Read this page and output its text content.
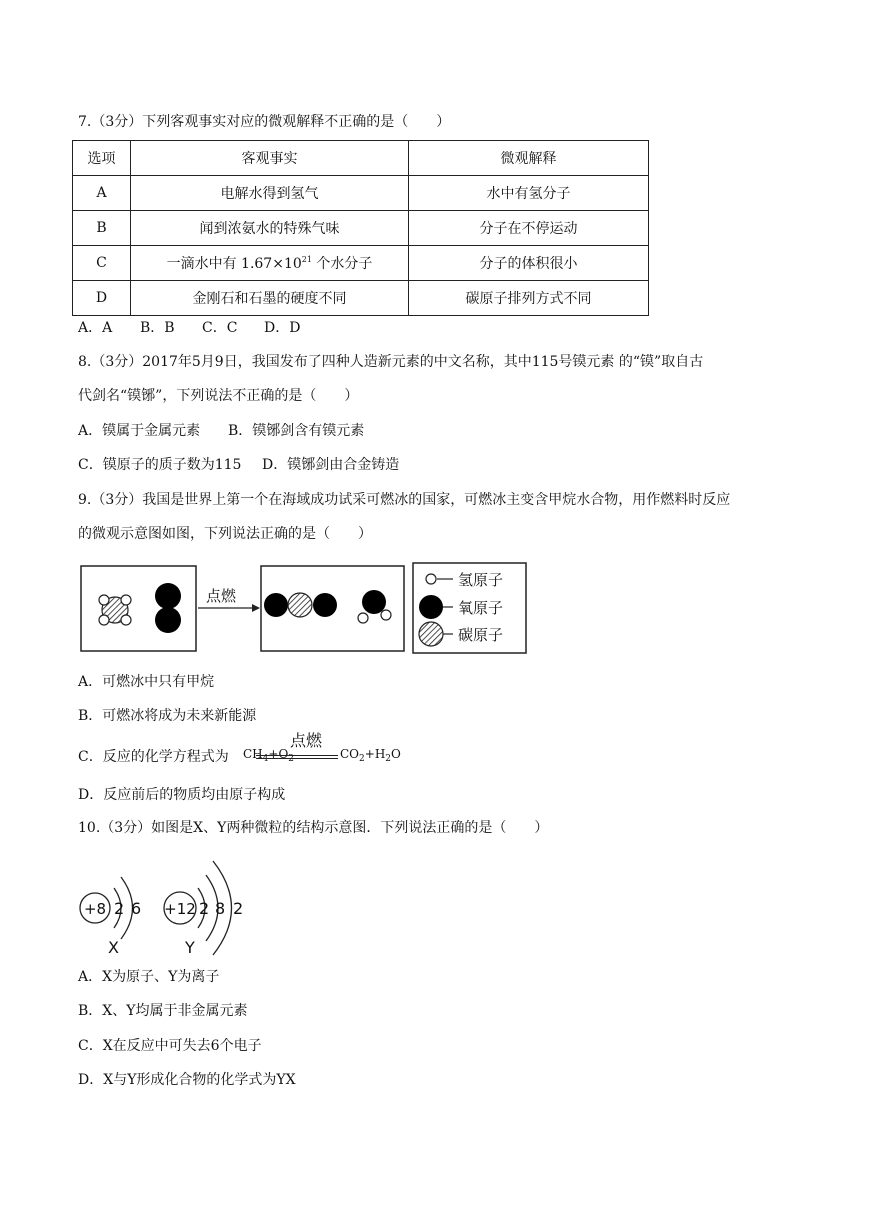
7.（3分）下列客观事实对应的微观解释不正确的是（　　）
选项	客观事实	微观解释
A	电解水得到氢气	水中有氢分子
B	闻到浓氨水的特殊气味	分子在不停运动
C	一滴水中有 $1.67\times 10^{21}$ 个水分子	分子的体积很小
D	金刚石和石墨的硬度不同	碳原子排列方式不同
A．A B．B C．C D．D
8.（3分）2017年5月9日，我国发布了四种人造新元素的中文名称，其中115号镆元素 的“镆”取自古
代剑名“镆铘”，下列说法不正确的是（　　）
A．镆属于金属元素 B．镆铘剑含有镆元素
C．镆原子的质子数为115 D．镆铘剑由合金铸造
9.（3分）我国是世界上第一个在海域成功试采可燃冰的国家，可燃冰主变含甲烷水合物，用作燃料时反应
的微观示意图如图，下列说法正确的是（　　）
点燃
氢原子
氧原子
碳原子
A．可燃冰中只有甲烷
B．可燃冰将成为未来新能源
C．反应的化学方程式为 $CH_4+O_2$
点燃
$CO_2+H_2O$
D．反应前后的物质均由原子构成
10.（3分）如图是X、Y两种微粒的结构示意图．下列说法正确的是（　　）
+8 2 6
X
+12 2 8 2
Y
A．X为原子、Y为离子
B．X、Y均属于非金属元素
C．X在反应中可失去6个电子
D．X与Y形成化合物的化学式为YX
